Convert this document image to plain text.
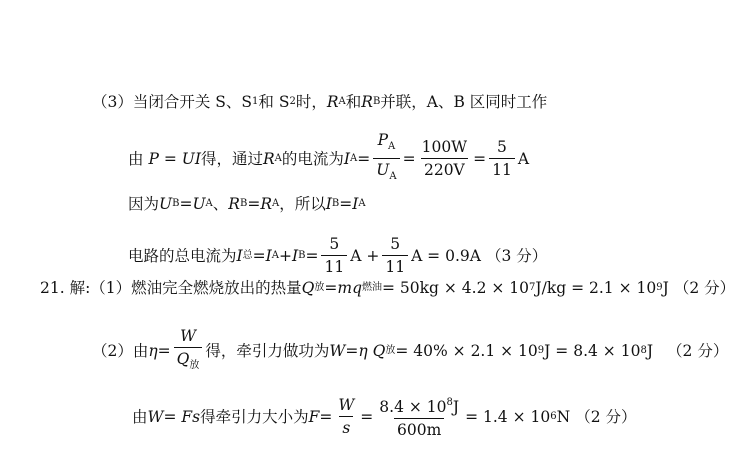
（3）当闭合开关 S、S 1 和 S 2 时， R A 和 R B 并联，A、B 区同时工作
由 P = UI 得，通过 R A 的电流为 I $A = \frac{P_A}{U_A} = \frac{100W}{220V} = \frac{5}{11}$ A
因为 U B = U A 、 R B = R A ，所以 I B = I A
电路的总电流为 I 总 = I A + I $B = \frac{5}{11}$ $A + \frac{5}{11}$ A = 0.9A （3 分）
21. 解:（1）燃油完全燃烧放出的热量 Q 放 = mq 燃油 = 50kg × 4.2 × 10 7 J/kg = 2.1 × 10 9 J （2 分）
（2）由 $\eta = \frac{W}{Q_放}$ 得，牵引力做功为 W = η Q 放 = 40% × 2.1 × 10 9 J = 8.4 × 10 8 J （2 分）
由 W= Fs 得牵引力大小为 $F = \frac{W}{s} = \frac{8.4 \times 10^8J}{600m} = 1.4 \times 10$ 6 N （2 分）
